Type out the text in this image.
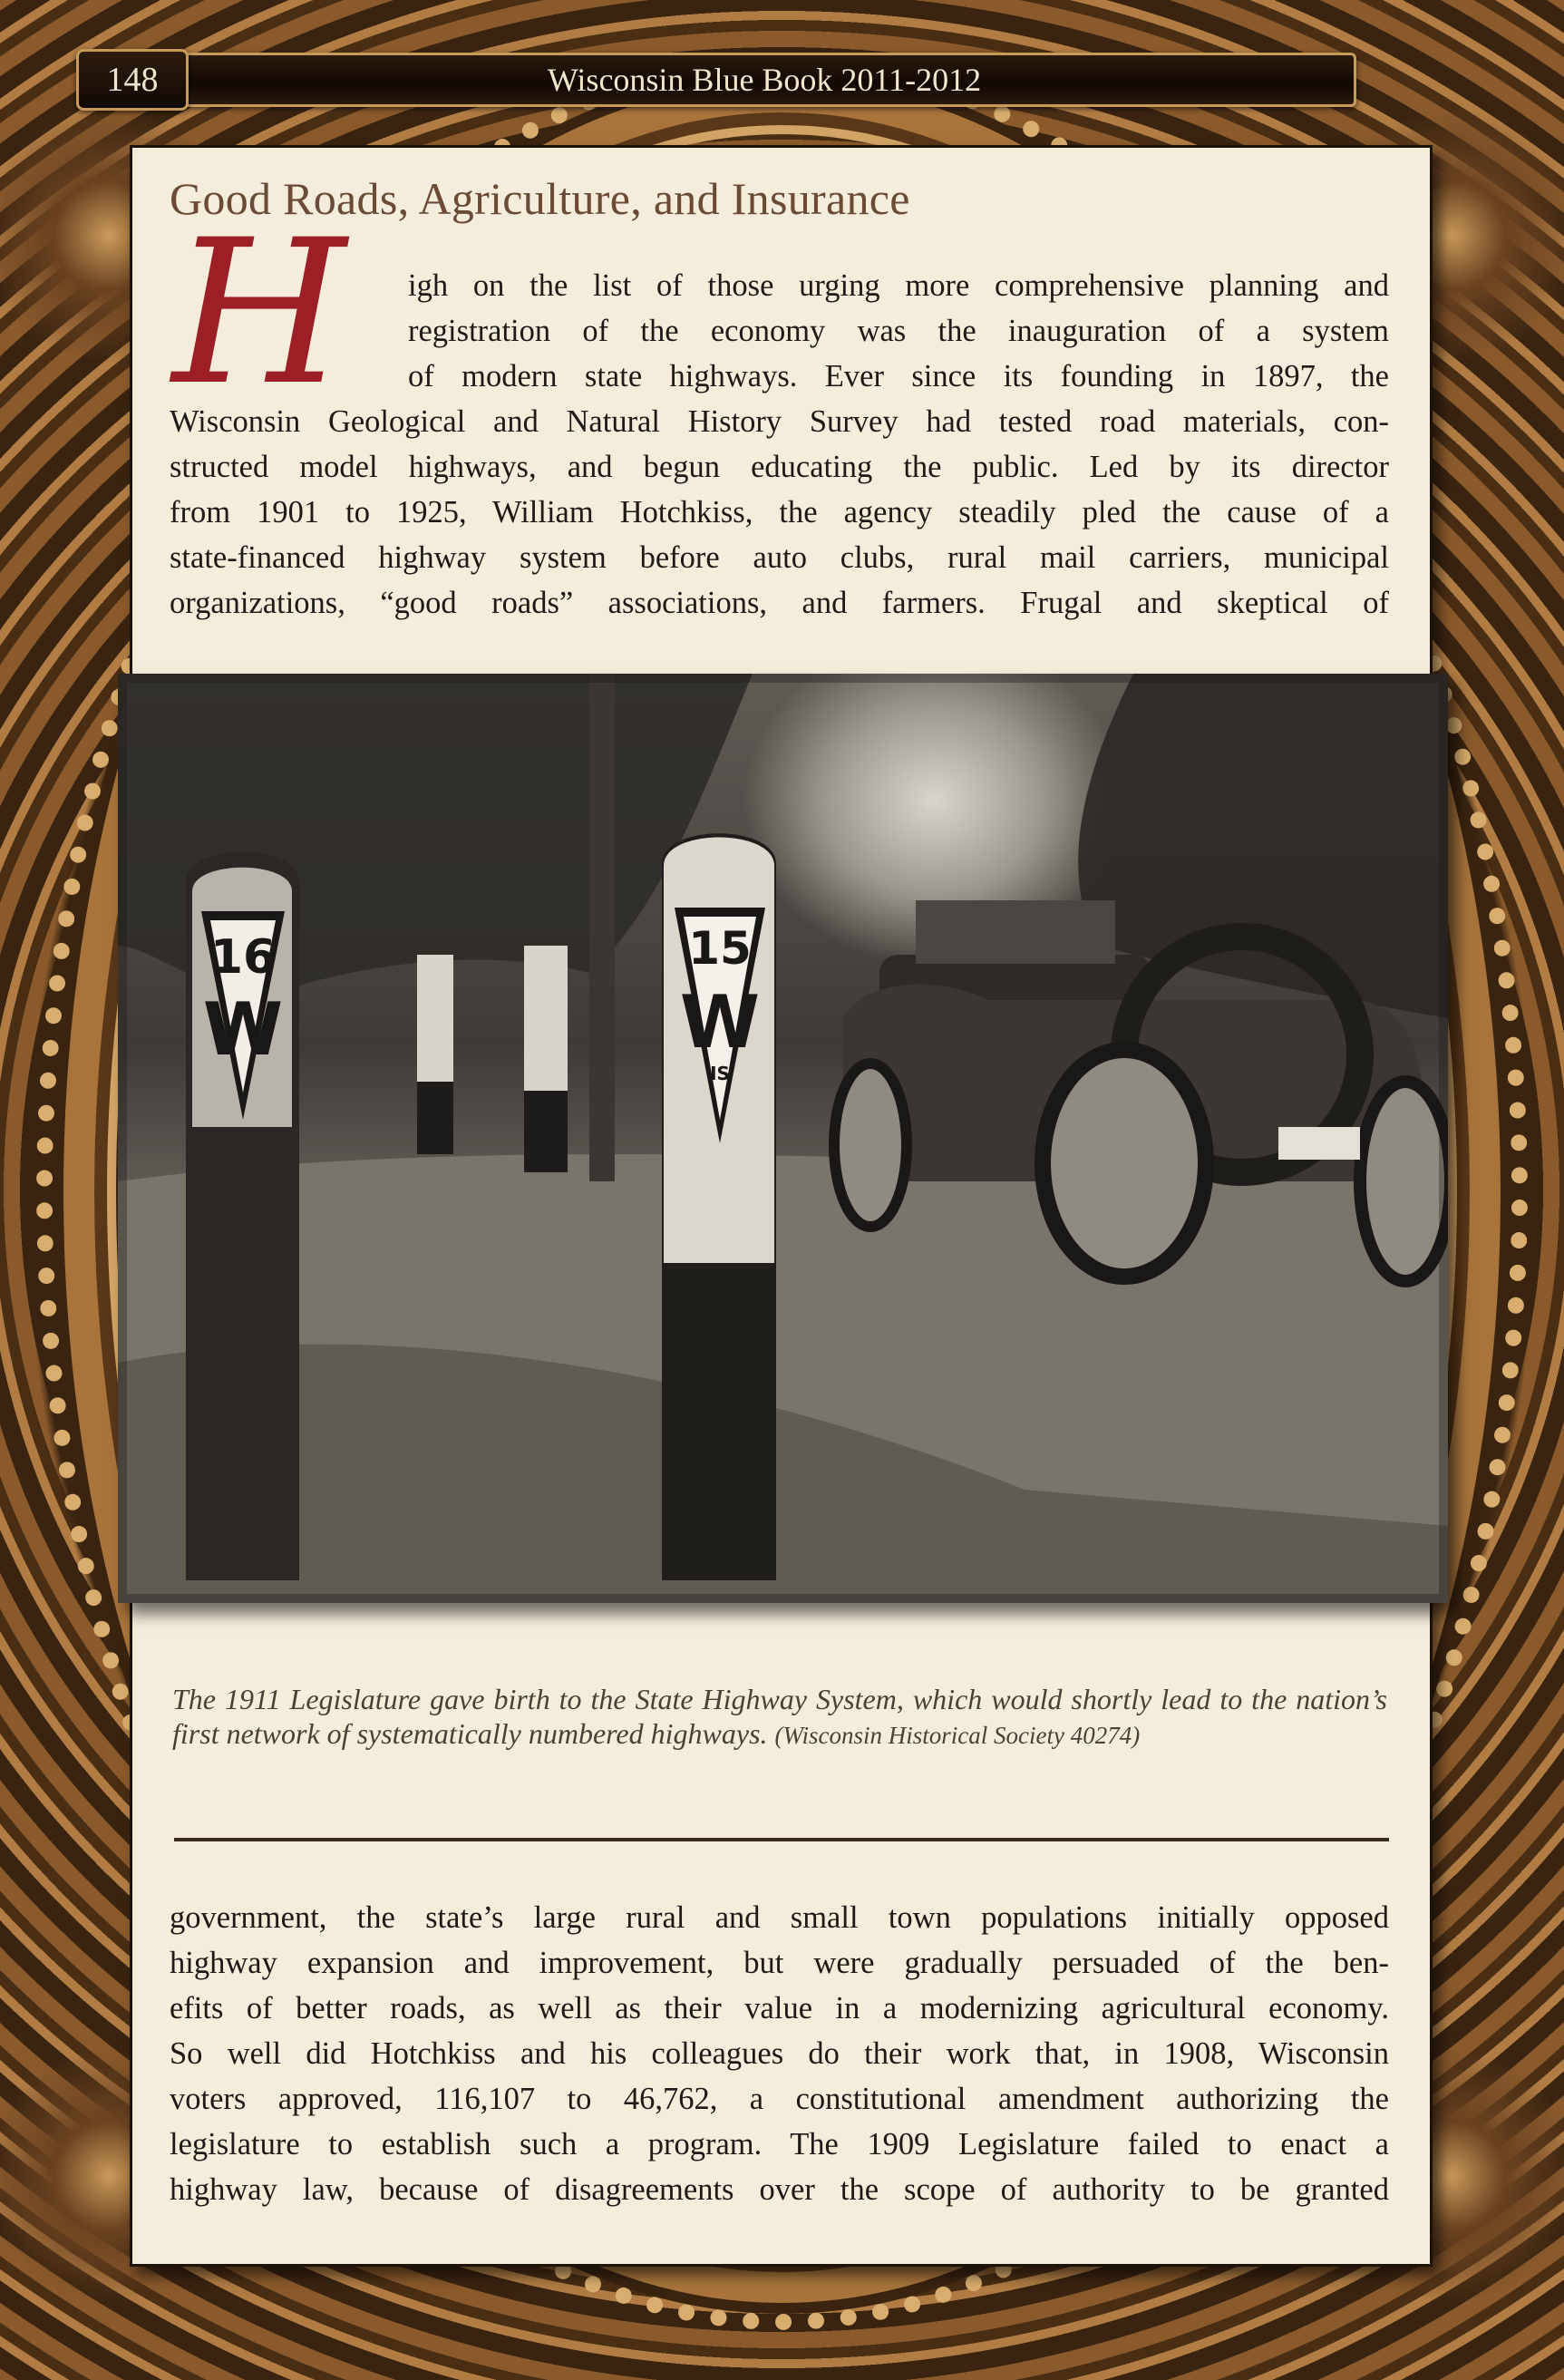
Wisconsin Blue Book 2011-2012
148
Good Roads, Agriculture, and Insurance
H	igh on the list of those urging more comprehensive planning and
registration of the economy was the inauguration of a system
of modern state highways. Ever since its founding in 1897, the
Wisconsin Geological and Natural History Survey had tested road materials, con-
structed model highways, and begun educating the public. Led by its director
from 1901 to 1925, William Hotchkiss, the agency steadily pled the cause of a
state-financed highway system before auto clubs, rural mail carriers, municipal
organizations, “good roads” associations, and farmers. Frugal and skeptical of
16
W
15
W
IS
The 1911 Legislature gave birth to the State Highway System, which would shortly lead to the nation’s first network of systematically numbered highways. (Wisconsin Historical Society 40274)
government, the state’s large rural and small town populations initially opposed
highway expansion and improvement, but were gradually persuaded of the ben-
efits of better roads, as well as their value in a modernizing agricultural economy.
So well did Hotchkiss and his colleagues do their work that, in 1908, Wisconsin
voters approved, 116,107 to 46,762, a constitutional amendment authorizing the
legislature to establish such a program. The 1909 Legislature failed to enact a
highway law, because of disagreements over the scope of authority to be granted
